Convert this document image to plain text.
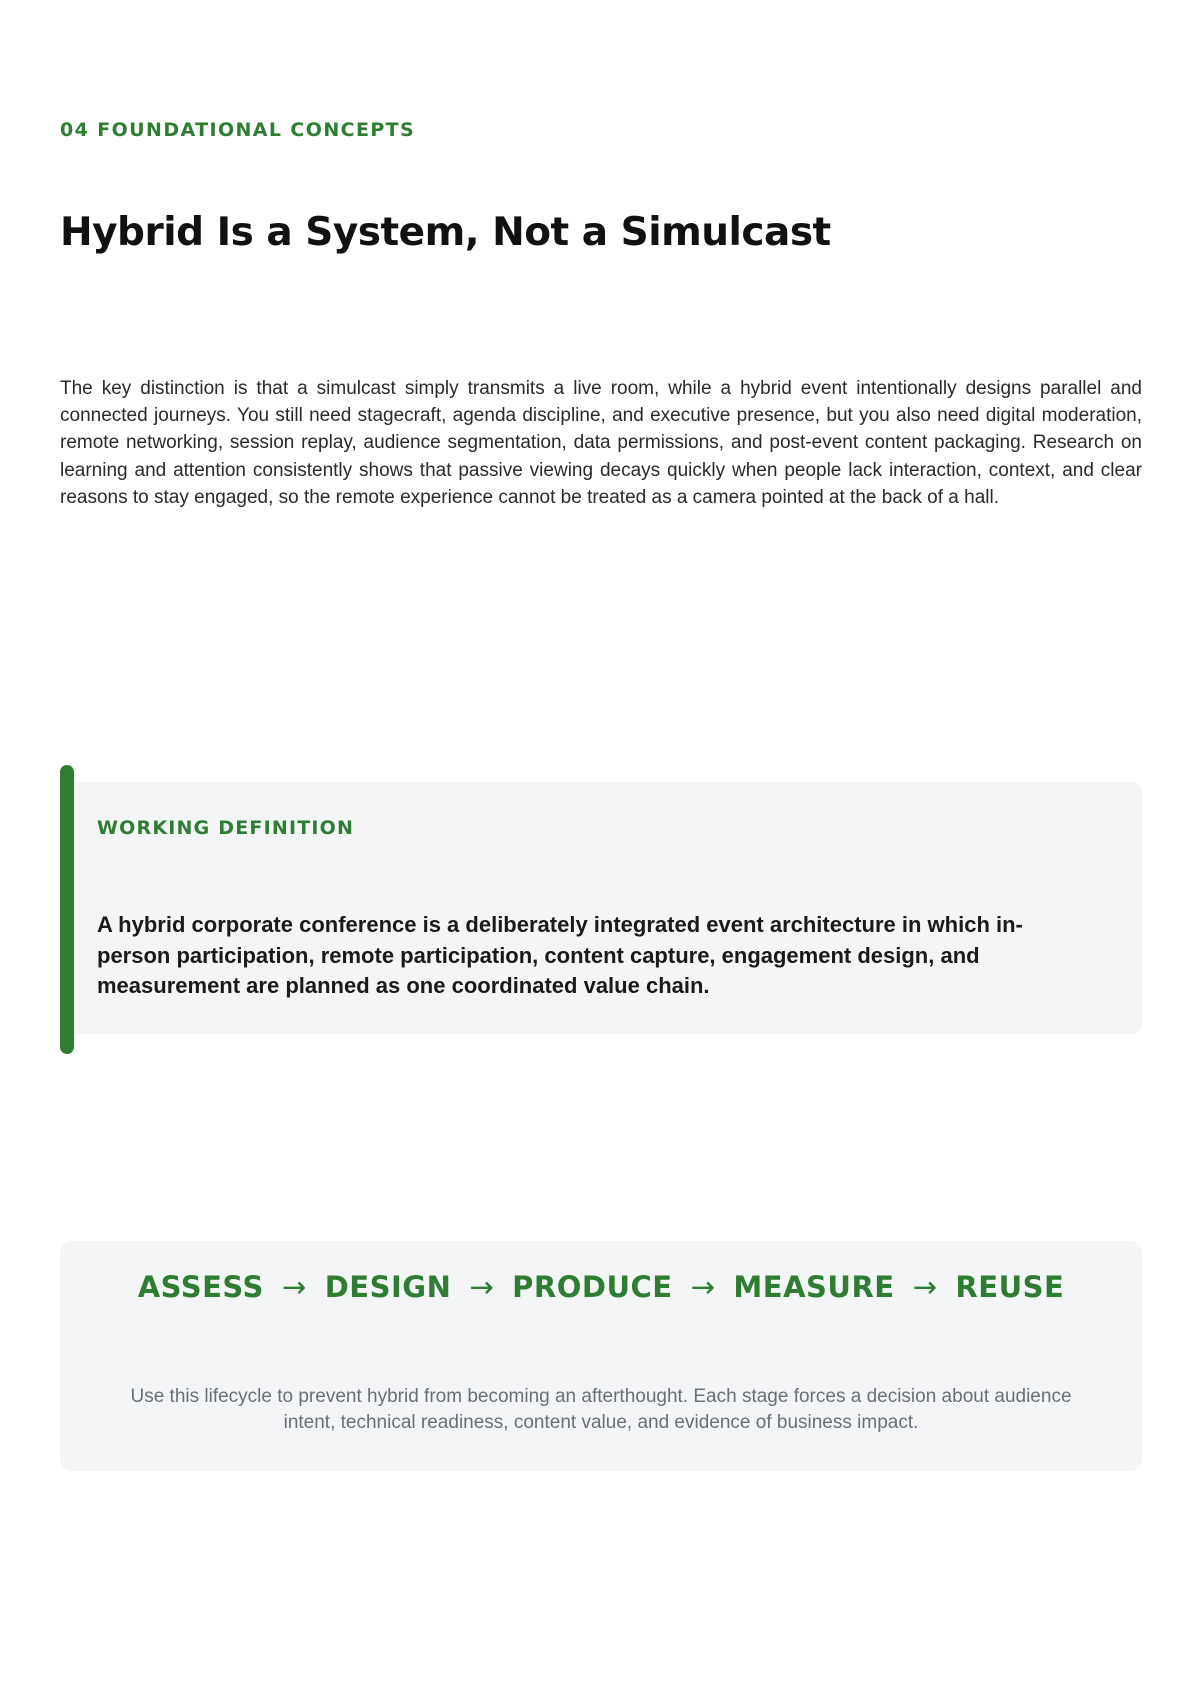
04 FOUNDATIONAL CONCEPTS

Hybrid Is a System, Not a Simulcast

The key distinction is that a simulcast simply transmits a live room, while a hybrid event intentionally designs parallel and connected journeys. You still need stagecraft, agenda discipline, and executive presence, but you also need digital moderation, remote networking, session replay, audience segmentation, data permissions, and post-event content packaging. Research on learning and attention consistently shows that passive viewing decays quickly when people lack interaction, context, and clear reasons to stay engaged, so the remote experience cannot be treated as a camera pointed at the back of a hall.

WORKING DEFINITION

A hybrid corporate conference is a deliberately integrated event architecture in which in-person participation, remote participation, content capture, engagement design, and measurement are planned as one coordinated value chain.

ASSESS → DESIGN → PRODUCE → MEASURE → REUSE

Use this lifecycle to prevent hybrid from becoming an afterthought. Each stage forces a decision about audience intent, technical readiness, content value, and evidence of business impact.
